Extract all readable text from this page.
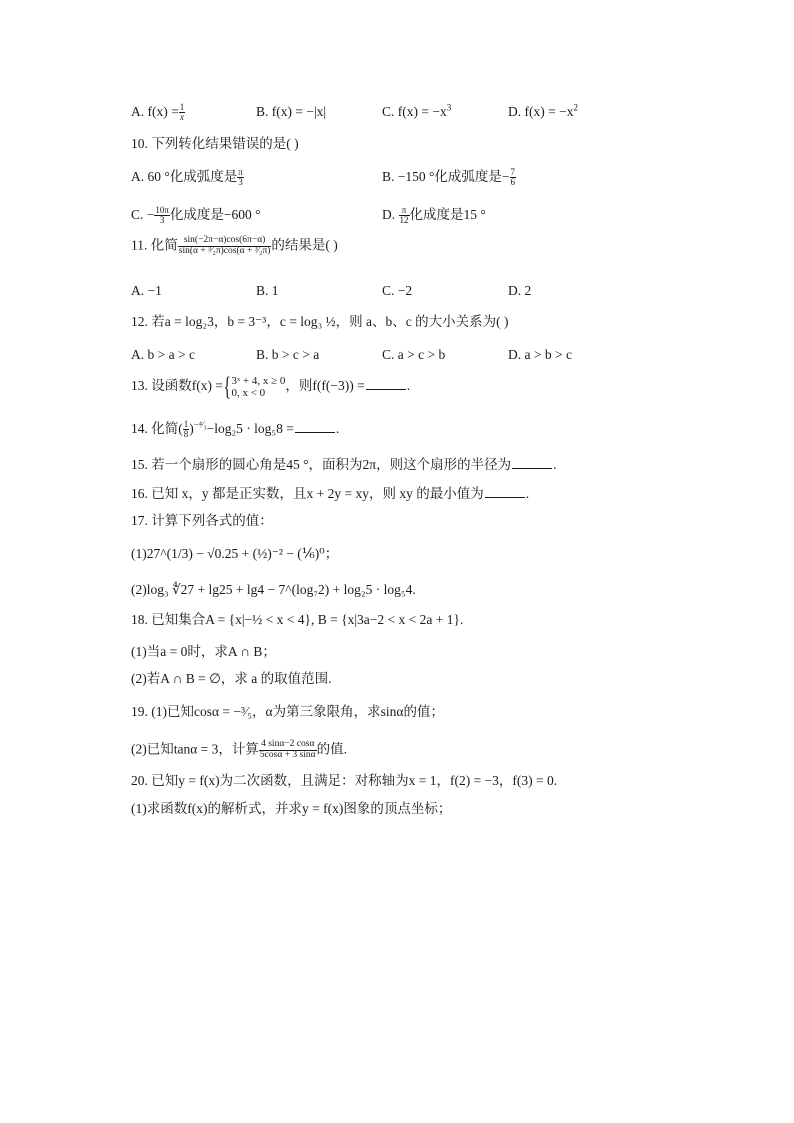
A. $f(x) = \frac{1}{x}$	B. f(x) = −|x|	C. $f(x) = -x^3$	D. $f(x) = -x^2$
10. 下列转化结果错误的是( )
A. 60 °化成弧度是 $\frac{\pi}{3}$	B. −150 °化成弧度是− $\frac{7}{6}$
C. − $\frac{10\pi}{3}$ 化成度是−600 °	D. $\frac{\pi}{12}$ 化成度是15 °
11. 化简 $\frac{\sin(-2\pi-\alpha)\cos(6\pi-\alpha)}{\text{sin(α + ³⁄₂π)cos(α + ³⁄₂π)}}$ 的结果是( )
A. −1	B. 1	C. −2	D. 2
12. 若a = log₂3，b = 3⁻³，c = log₃ ½，则 a、b、c 的大小关系为( )
A. b > a > c	B. b > c > a	C. a > c > b	D. a > b > c
13. 设函数f(x) ={ 3ˣ + 4, x ≥ 0
0, x < 0	，则f(f(−3)) =	.
14. 化简( $\frac{1}{8} )^{-^4⁄_3}-\log_25 \cdot \log_58$ =	.
15. 若一个扇形的圆心角是45 °，面积为2π，则这个扇形的半径为	.
16. 已知 x，y 都是正实数，且x + 2y = xy，则 xy 的最小值为	.
17. 计算下列各式的值：
(1)27^(1/3) − √0.25 + (½)⁻² − (⅙)⁰；
(2)log₃ ∜27 + lg25 + lg4 − 7^(log₇2) + log₂5 · log₅4.
18. 已知集合A = {x|−½ < x < 4}, B = {x|3a−2 < x < 2a + 1}.
(1)当a = 0时，求A ∩ B；
(2)若A ∩ B = ∅，求 a 的取值范围.
19. (1)已知cosα = −³⁄₅，α为第三象限角，求sinα的值；
(2)已知tanα = 3，计算 $\frac{4 \sin\alpha-2 \cos\alpha}{5\cos\alpha + 3 \sin\alpha}$ 的值.
20. 已知y = f(x)为二次函数，且满足：对称轴为x = 1，f(2) = −3，f(3) = 0.
(1)求函数f(x)的解析式，并求y = f(x)图象的顶点坐标；
